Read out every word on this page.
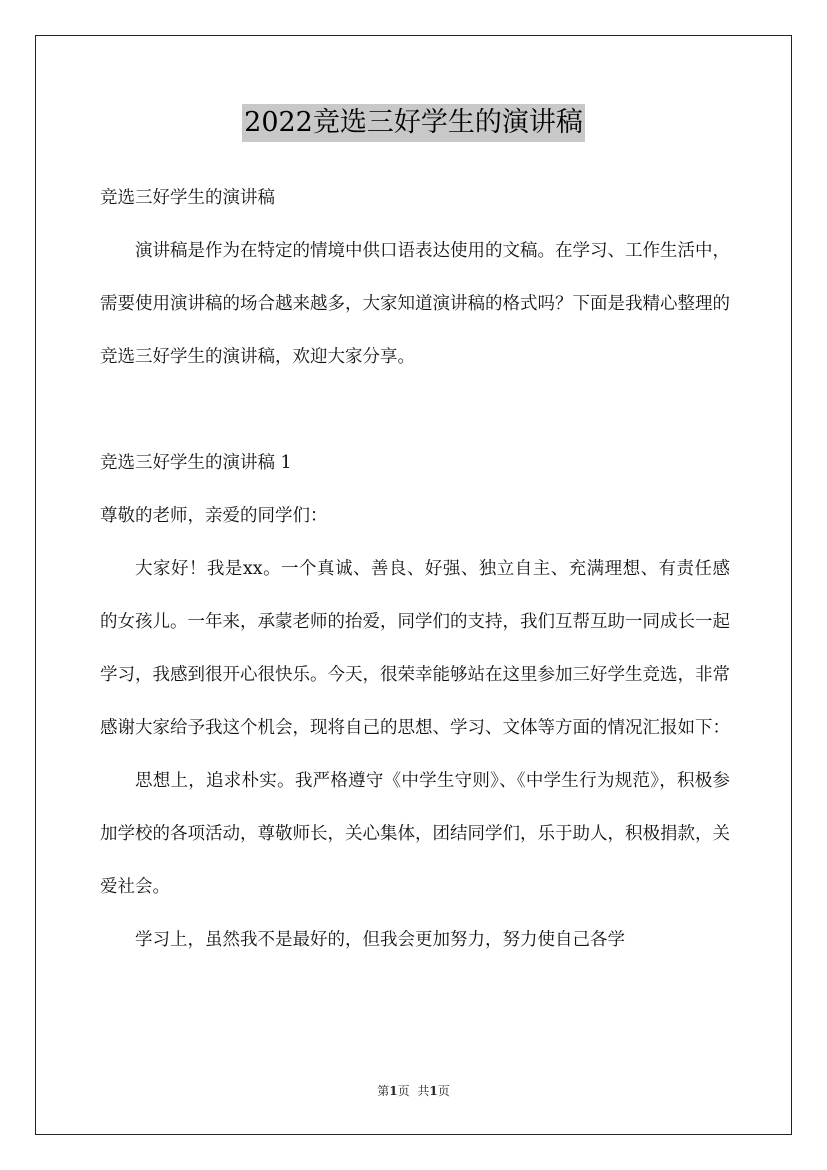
2022竞选三好学生的演讲稿

竞选三好学生的演讲稿

演讲稿是作为在特定的情境中供口语表达使用的文稿。在学习、工作生活中，需要使用演讲稿的场合越来越多，大家知道演讲稿的格式吗？下面是我精心整理的竞选三好学生的演讲稿，欢迎大家分享。

竞选三好学生的演讲稿 1

尊敬的老师，亲爱的同学们：

大家好！我是xx。一个真诚、善良、好强、独立自主、充满理想、有责任感的女孩儿。一年来，承蒙老师的抬爱，同学们的支持，我们互帮互助一同成长一起学习，我感到很开心很快乐。今天，很荣幸能够站在这里参加三好学生竞选，非常感谢大家给予我这个机会，现将自己的思想、学习、文体等方面的情况汇报如下：

思想上，追求朴实。我严格遵守《中学生守则》、《中学生行为规范》，积极参加学校的各项活动，尊敬师长，关心集体，团结同学们，乐于助人，积极捐款，关爱社会。

学习上，虽然我不是最好的，但我会更加努力，努力使自己各学

第1页 共1页
